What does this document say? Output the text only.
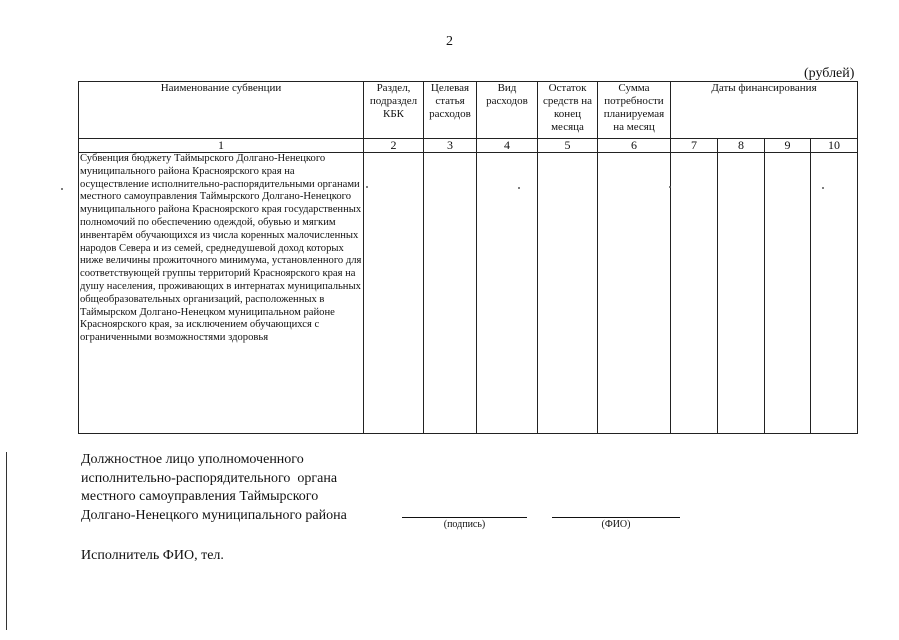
2
(рублей)
Наименование субвенции	Раздел, подраздел КБК	Целевая статья расходов	Вид расходов	Остаток средств на конец месяца	Сумма потребности планируемая на месяц	Даты финансирования			
1	2	3	4	5	6	7	8	9	10
Субвенция бюджету Таймырского Долгано-Ненецкого муниципального района Красноярского края на осуществление исполнительно-распорядительными органами местного самоуправления Таймырского Долгано-Ненецкого муниципального района Красноярского края государственных полномочий по обеспечению одеждой, обувью и мягким инвентарём обучающихся из числа коренных малочисленных народов Севера и из семей, среднедушевой доход которых ниже величины прожиточного минимума, установленного для соответствующей группы территорий Красноярского края на душу населения, проживающих в интернатах муниципальных общеобразовательных организаций, расположенных в Таймырском Долгано-Ненецком муниципальном районе Красноярского края, за исключением обучающихся с ограниченными возможностями здоровья									
Должностное лицо уполномоченного
исполнительно-распорядительного  органа
местного самоуправления Таймырского
Долгано-Ненецкого муниципального района
(подпись)	(ФИО)
Исполнитель ФИО, тел.
